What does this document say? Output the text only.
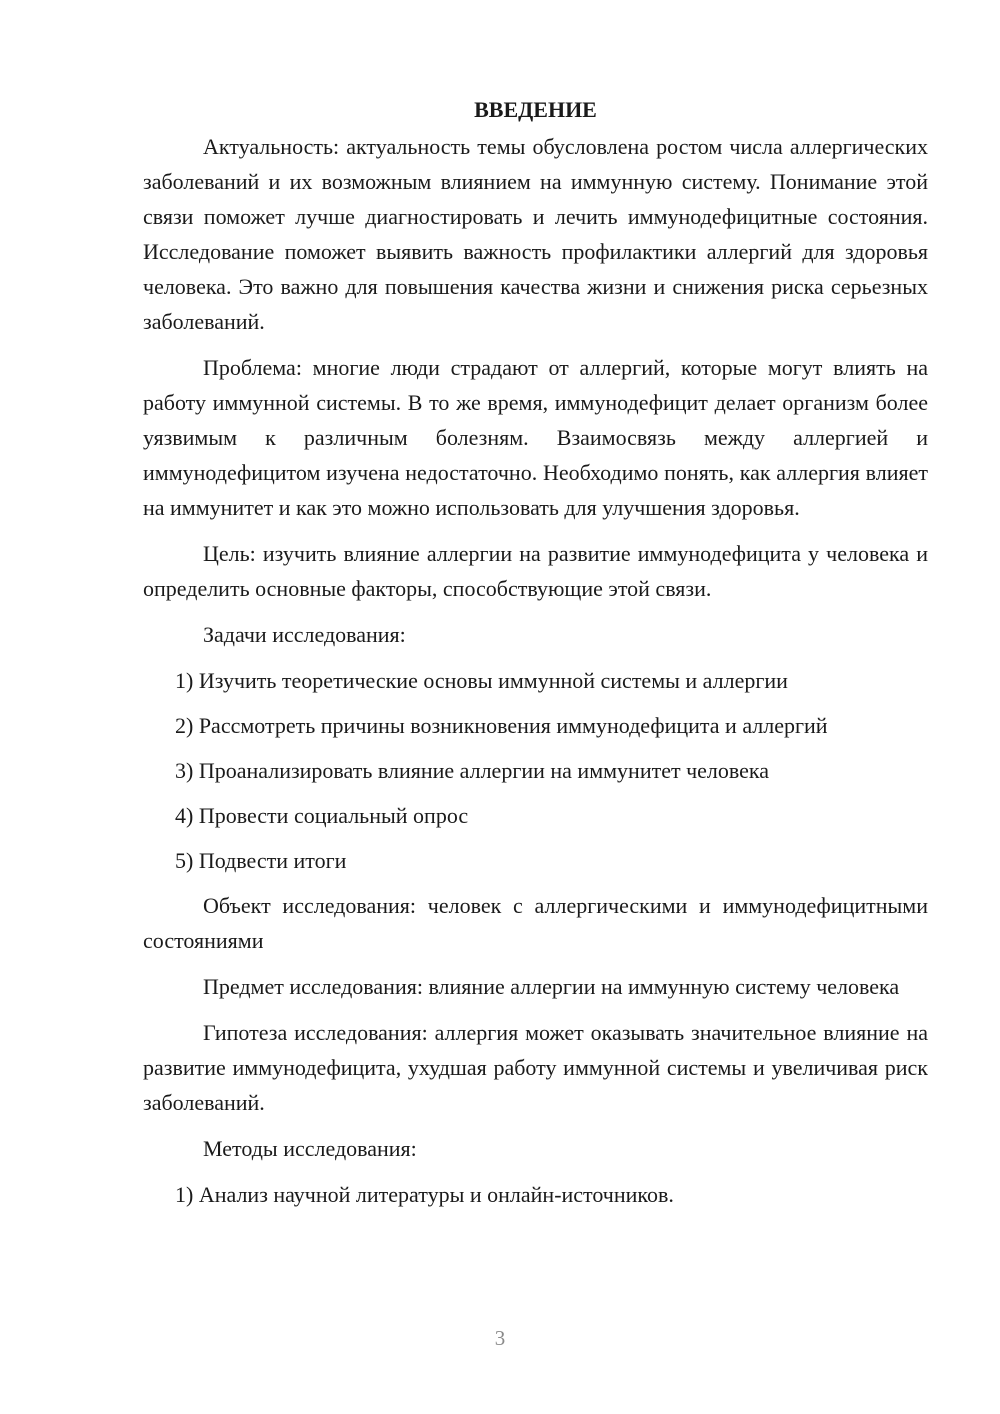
ВВЕДЕНИЕ

Актуальность: актуальность темы обусловлена ростом числа аллергических заболеваний и их возможным влиянием на иммунную систему. Понимание этой связи поможет лучше диагностировать и лечить иммунодефицитные состояния. Исследование поможет выявить важность профилактики аллергий для здоровья человека. Это важно для повышения качества жизни и снижения риска серьезных заболеваний.

Проблема: многие люди страдают от аллергий, которые могут влиять на работу иммунной системы. В то же время, иммунодефицит делает организм более уязвимым к различным болезням. Взаимосвязь между аллергией и иммунодефицитом изучена недостаточно. Необходимо понять, как аллергия влияет на иммунитет и как это можно использовать для улучшения здоровья.

Цель: изучить влияние аллергии на развитие иммунодефицита у человека и определить основные факторы, способствующие этой связи.

Задачи исследования:
1) Изучить теоретические основы иммунной системы и аллергии
2) Рассмотреть причины возникновения иммунодефицита и аллергий
3) Проанализировать влияние аллергии на иммунитет человека
4) Провести социальный опрос
5) Подвести итоги

Объект исследования: человек с аллергическими и иммунодефицитными состояниями

Предмет исследования: влияние аллергии на иммунную систему человека

Гипотеза исследования: аллергия может оказывать значительное влияние на развитие иммунодефицита, ухудшая работу иммунной системы и увеличивая риск заболеваний.

Методы исследования:
1) Анализ научной литературы и онлайн-источников.
3
